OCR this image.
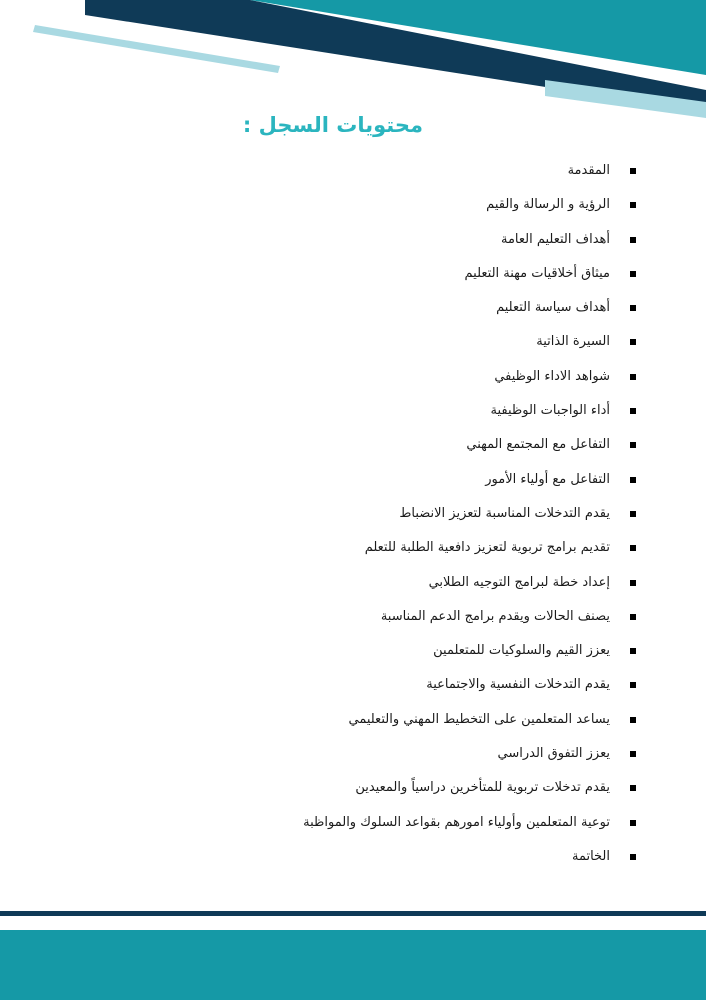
محتويات السجل :
المقدمة
الرؤية و الرسالة والقيم
أهداف التعليم العامة
ميثاق أخلاقيات مهنة التعليم
أهداف سياسة التعليم
السيرة الذاتية
شواهد الاداء الوظيفي
أداء الواجبات الوظيفية
التفاعل مع المجتمع المهني
التفاعل مع أولياء الأمور
يقدم التدخلات المناسبة لتعزيز الانضباط
تقديم برامج تربوية لتعزيز دافعية الطلبة للتعلم
إعداد خطة لبرامج التوجيه الطلابي
يصنف الحالات ويقدم برامج الدعم المناسبة
يعزز القيم والسلوكيات للمتعلمين
يقدم التدخلات النفسية والاجتماعية
يساعد المتعلمين على التخطيط المهني والتعليمي
يعزز التفوق الدراسي
يقدم تدخلات تربوية للمتأخرين دراسياً والمعيدين
توعية المتعلمين وأولياء امورهم بقواعد السلوك والمواظبة
الخاتمة
